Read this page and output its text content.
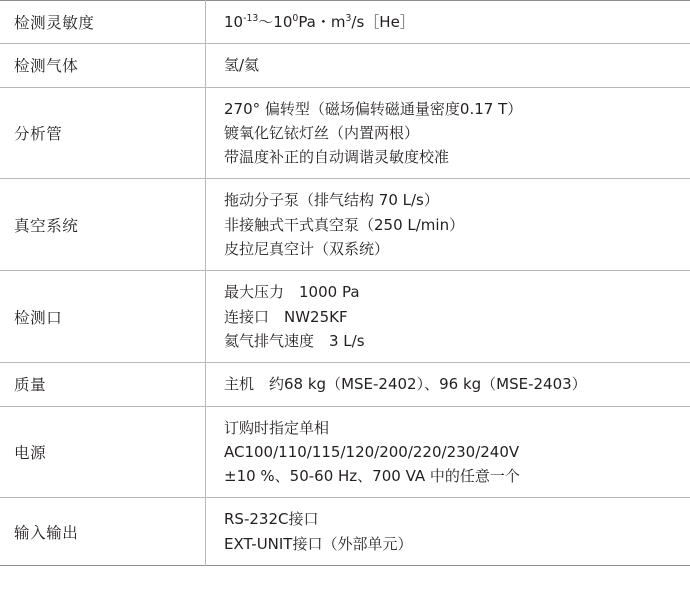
检测灵敏度	$10^{-13}\sim 10^0Pa$・$m^3/s[He]$

检测气体	氢/氦

分析管	270° 偏转型（磁场偏转磁通量密度0.17 T）
镀氧化钇铱灯丝（内置两根）
带温度补正的自动调谐灵敏度校准

真空系统	拖动分子泵（排气结构 70 L/s）
非接触式干式真空泵（250 L/min）
皮拉尼真空计（双系统）

检测口	最大压力　1000 Pa
连接口　NW25KF
氦气排气速度　3 L/s

质量	主机　约68 kg（MSE-2402）、96 kg（MSE-2403）

电源	订购时指定单相
AC100/110/115/120/200/220/230/240V
±10 %、50-60 Hz、700 VA 中的任意一个

输入输出	RS-232C接口
EXT-UNIT接口（外部单元）
